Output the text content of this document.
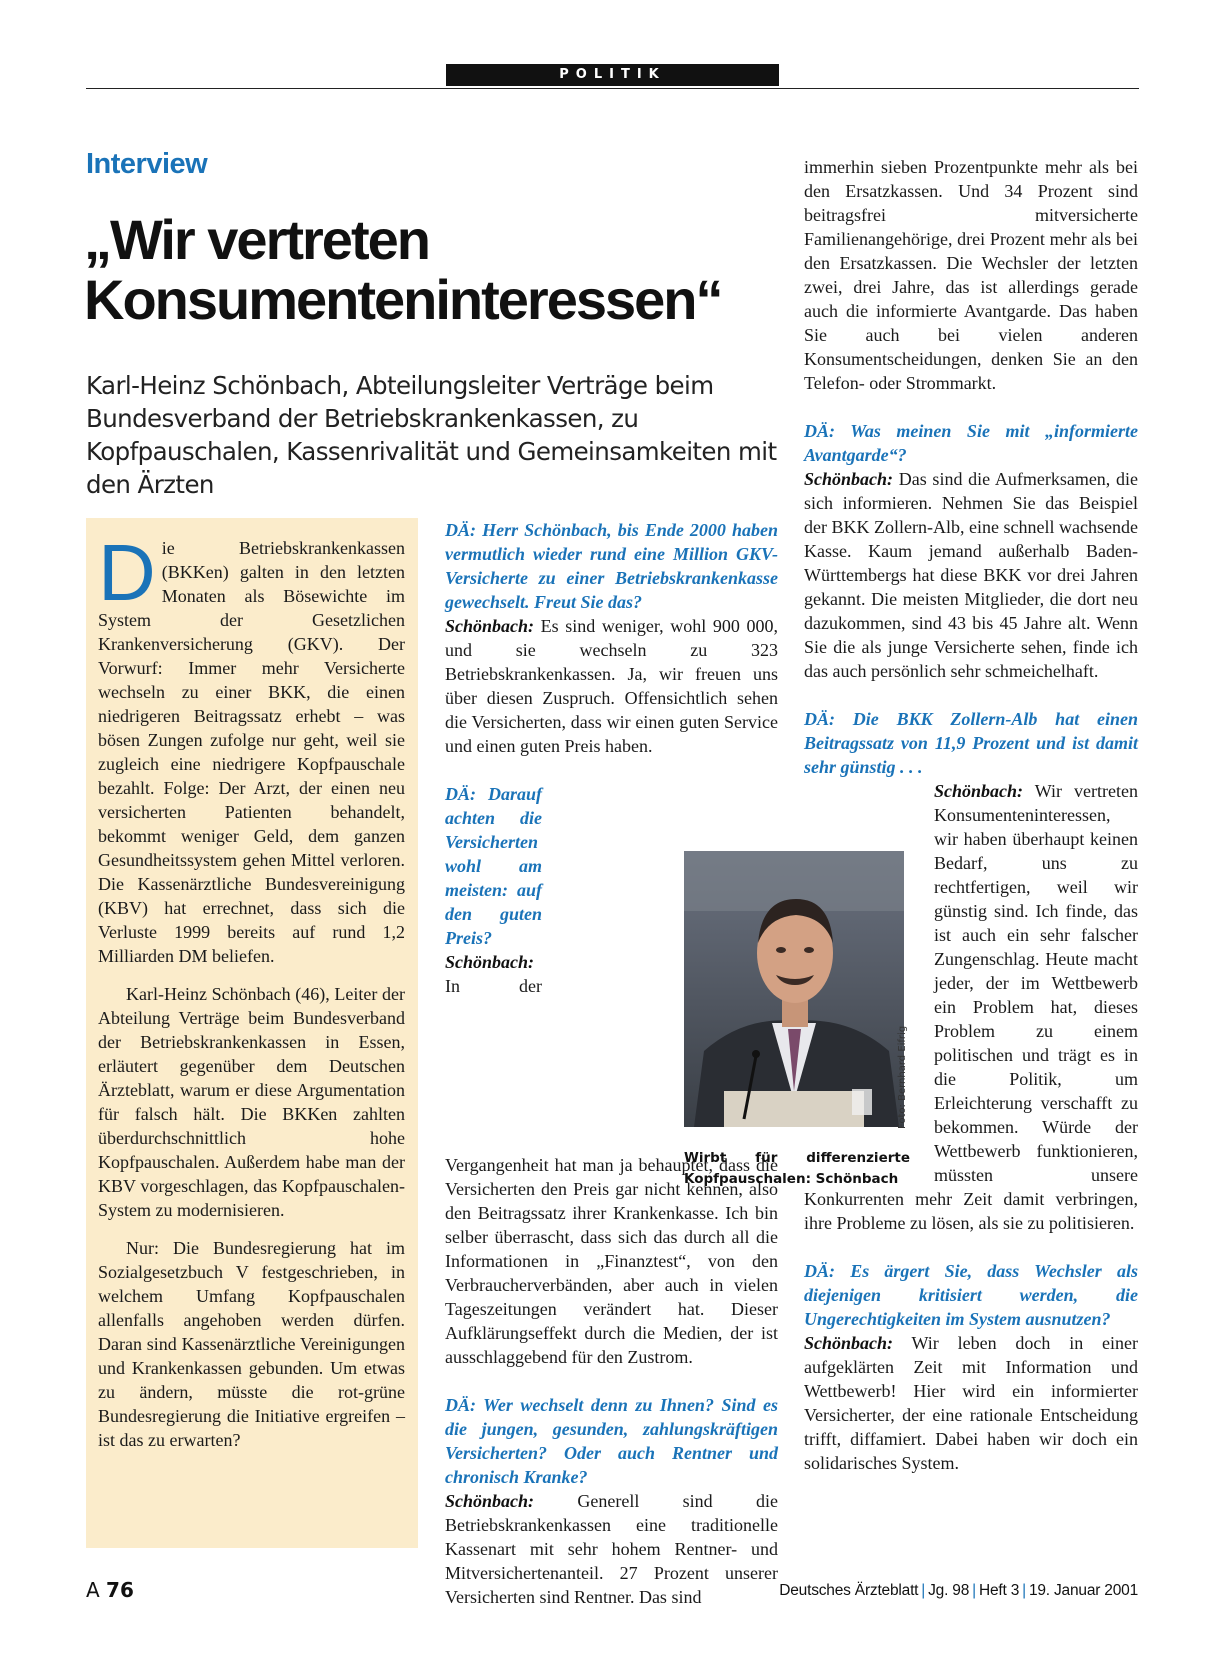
POLITIK
Interview
„Wir vertreten Konsumenteninteressen“

Karl-Heinz Schönbach, Abteilungsleiter Verträge beim Bundesverband der Betriebskrankenkassen, zu Kopfpauschalen, Kassenrivalität und Gemeinsamkeiten mit den Ärzten

Die Betriebskrankenkassen (BKKen) galten in den letzten Monaten als Bösewichte im System der Gesetzlichen Krankenversicherung (GKV). Der Vorwurf: Immer mehr Versicherte wechseln zu einer BKK, die einen niedrigeren Beitragssatz erhebt – was bösen Zungen zufolge nur geht, weil sie zugleich eine niedrigere Kopfpauschale bezahlt. Folge: Der Arzt, der einen neu versicherten Patienten behandelt, bekommt weniger Geld, dem ganzen Gesundheitssystem gehen Mittel verloren. Die Kassenärztliche Bundesvereinigung (KBV) hat errechnet, dass sich die Verluste 1999 bereits auf rund 1,2 Milliarden DM beliefen.

Karl-Heinz Schönbach (46), Leiter der Abteilung Verträge beim Bundesverband der Betriebskrankenkassen in Essen, erläutert gegenüber dem Deutschen Ärzteblatt, warum er diese Argumentation für falsch hält. Die BKKen zahlten überdurchschnittlich hohe Kopfpauschalen. Außerdem habe man der KBV vorgeschlagen, das Kopfpauschalen-System zu modernisieren.

Nur: Die Bundesregierung hat im Sozialgesetzbuch V festgeschrieben, in welchem Umfang Kopfpauschalen allenfalls angehoben werden dürfen. Daran sind Kassenärztliche Vereinigungen und Krankenkassen gebunden. Um etwas zu ändern, müsste die rot-grüne Bundesregierung die Initiative ergreifen – ist das zu erwarten?

DÄ: Herr Schönbach, bis Ende 2000 haben vermutlich wieder rund eine Million GKV-Versicherte zu einer Betriebskrankenkasse gewechselt. Freut Sie das?

Schönbach: Es sind weniger, wohl 900 000, und sie wechseln zu 323 Betriebskrankenkassen. Ja, wir freuen uns über diesen Zuspruch. Offensichtlich sehen die Versicherten, dass wir einen guten Service und einen guten Preis haben.

DÄ: Darauf achten die Versicherten wohl am meisten: auf den guten Preis?

Schönbach: In der Vergangenheit hat man ja behauptet, dass die Versicherten den Preis gar nicht kennen, also den Beitragssatz ihrer Krankenkasse. Ich bin selber überrascht, dass sich das durch all die Informationen in „Finanztest“, von den Verbraucherverbänden, aber auch in vielen Tageszeitungen verändert hat. Dieser Aufklärungseffekt durch die Medien, der ist ausschlaggebend für den Zustrom.

DÄ: Wer wechselt denn zu Ihnen? Sind es die jungen, gesunden, zahlungskräftigen Versicherten? Oder auch Rentner und chronisch Kranke?

Schönbach: Generell sind die Betriebskrankenkassen eine traditionelle Kassenart mit sehr hohem Rentner- und Mitversichertenanteil. 27 Prozent unserer Versicherten sind Rentner. Das sind

immerhin sieben Prozentpunkte mehr als bei den Ersatzkassen. Und 34 Prozent sind beitragsfrei mitversicherte Familienangehörige, drei Prozent mehr als bei den Ersatzkassen. Die Wechsler der letzten zwei, drei Jahre, das ist allerdings gerade auch die informierte Avantgarde. Das haben Sie auch bei vielen anderen Konsumentscheidungen, denken Sie an den Telefon- oder Strommarkt.

DÄ: Was meinen Sie mit „informierte Avantgarde“?

Schönbach: Das sind die Aufmerksamen, die sich informieren. Nehmen Sie das Beispiel der BKK Zollern-Alb, eine schnell wachsende Kasse. Kaum jemand außerhalb Baden-Württembergs hat diese BKK vor drei Jahren gekannt. Die meisten Mitglieder, die dort neu dazukommen, sind 43 bis 45 Jahre alt. Wenn Sie die als junge Versicherte sehen, finde ich das auch persönlich sehr schmeichelhaft.

DÄ: Die BKK Zollern-Alb hat einen Beitragssatz von 11,9 Prozent und ist damit sehr günstig . . .

Schönbach: Wir vertreten Konsumenteninteressen, wir haben überhaupt keinen Bedarf, uns zu rechtfertigen, weil wir günstig sind. Ich finde, das ist auch ein sehr falscher Zungenschlag. Heute macht jeder, der im Wettbewerb ein Problem hat, dieses Problem zu einem politischen und trägt es in die Politik, um Erleichterung verschafft zu bekommen. Würde der Wettbewerb funktionieren, müssten unsere Konkurrenten mehr Zeit damit verbringen, ihre Probleme zu lösen, als sie zu politisieren.

DÄ: Es ärgert Sie, dass Wechsler als diejenigen kritisiert werden, die Ungerechtigkeiten im System ausnutzen?

Schönbach: Wir leben doch in einer aufgeklärten Zeit mit Information und Wettbewerb! Hier wird ein informierter Versicherter, der eine rationale Entscheidung trifft, diffamiert. Dabei haben wir doch ein solidarisches System.

Foto: Bernhard Eifrig
Wirbt für differenzierte Kopfpauschalen: Schönbach
A 76	Deutsches Ärzteblatt | Jg. 98 | Heft 3 | 19. Januar 2001
